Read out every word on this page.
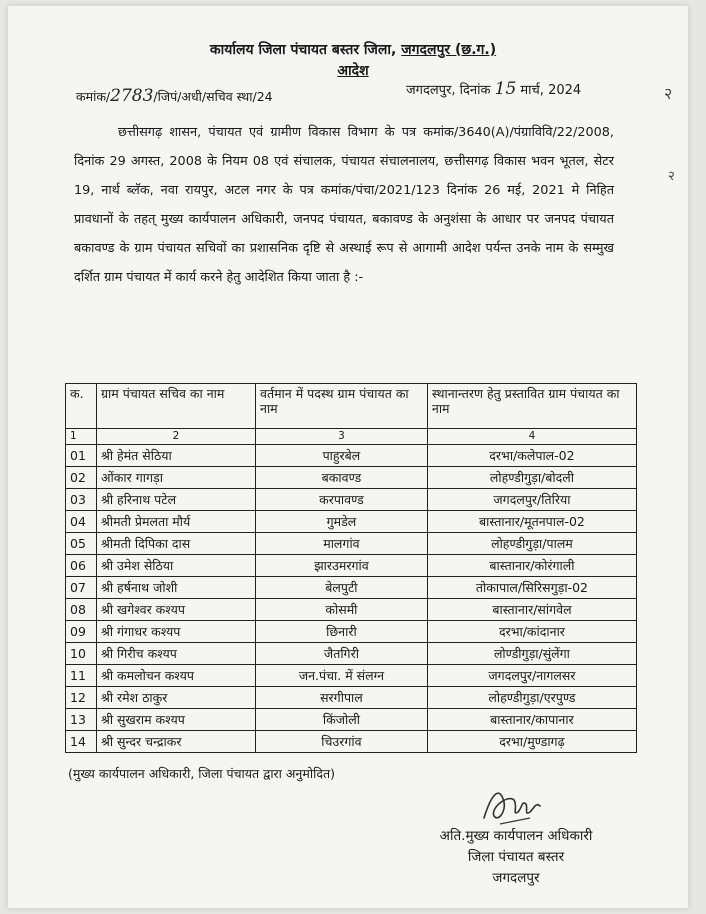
२
२
कार्यालय जिला पंचायत बस्तर जिला, जगदलपुर (छ.ग.)
आदेश
कमांक/2783/जिपं/अधी/सचिव स्था/24	जगदलपुर, दिनांक 15 मार्च, 2024
छत्तीसगढ़ शासन, पंचायत एवं ग्रामीण विकास विभाग के पत्र कमांक/3640(A)/पंग्राविवि/22/2008, दिनांक 29 अगस्त, 2008 के नियम 08 एवं संचालक, पंचायत संचालनालय, छत्तीसगढ़ विकास भवन भूतल, सेटर 19, नार्थ ब्लॅक, नवा रायपुर, अटल नगर के पत्र कमांक/पंचा/2021/123 दिनांक 26 मई, 2021 मे निहित प्रावधानों के तहत् मुख्य कार्यपालन अधिकारी, जनपद पंचायत, बकावण्ड के अनुशंसा के आधार पर जनपद पंचायत बकावण्ड के ग्राम पंचायत सचिवों का प्रशासनिक दृष्टि से अस्थाई रूप से आगामी आदेश पर्यन्त उनके नाम के सम्मुख दर्शित ग्राम पंचायत में कार्य करने हेतु आदेशित किया जाता है :-
क.	ग्राम पंचायत सचिव का नाम	वर्तमान में पदस्थ ग्राम पंचायत का नाम	स्थानान्तरण हेतु प्रस्तावित ग्राम पंचायत का नाम
1	2	3	4
01	श्री हेमंत सेठिया	पाहुरबेल	दरभा/कलेपाल-02
02	ओंकार गागड़ा	बकावण्ड	लोहण्डीगुड़ा/बोदली
03	श्री हरिनाथ पटेल	करपावण्ड	जगदलपुर/तिरिया
04	श्रीमती प्रेमलता मौर्य	गुमडेल	बास्तानार/मूतनपाल-02
05	श्रीमती दिपिका दास	मालगांव	लोहण्डीगुड़ा/पालम
06	श्री उमेश सेठिया	झारउमरगांव	बास्तानार/कोरंगाली
07	श्री हर्षनाथ जोशी	बेलपुटी	तोकापाल/सिरिसगुड़ा-02
08	श्री खगेश्वर कश्यप	कोसमी	बास्तानार/सांगवेल
09	श्री गंगाधर कश्यप	छिनारी	दरभा/कांदानार
10	श्री गिरीच कश्यप	जैतगिरी	लोण्डीगुड़ा/सुंलेंगा
11	श्री कमलोचन कश्यप	जन.पंचा. में संलग्न	जगदलपुर/नागलसर
12	श्री रमेश ठाकुर	सरगीपाल	लोहण्डीगुड़ा/एरपुण्ड
13	श्री सुखराम कश्यप	किंजोली	बास्तानार/कापानार
14	श्री सुन्दर चन्द्राकर	चिउरगांव	दरभा/मुण्डागढ़
(मुख्य कार्यपालन अधिकारी, जिला पंचायत द्वारा अनुमोदित)
अति.मुख्य कार्यपालन अधिकारी
जिला पंचायत बस्तर
जगदलपुर
